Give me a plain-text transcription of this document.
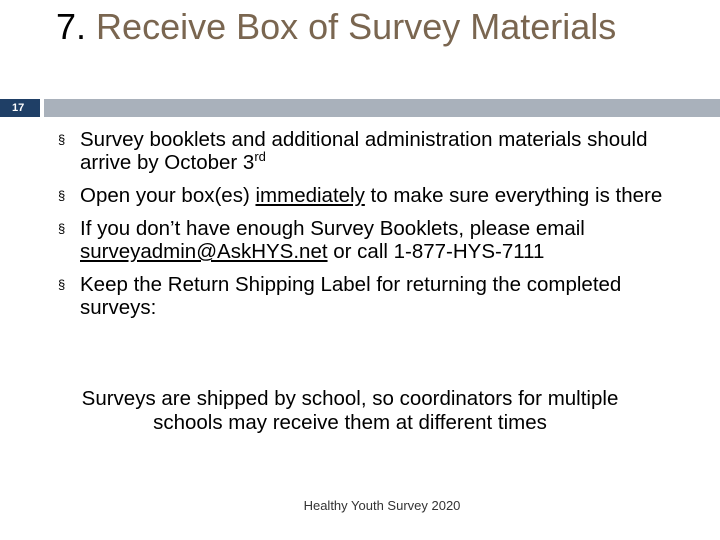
7. Receive Box of Survey Materials
17
§ Survey booklets and additional administration materials should arrive by October 3rd
§ Open your box(es) immediately to make sure everything is there
§ If you don’t have enough Survey Booklets, please email surveyadmin@AskHYS.net or call 1-877-HYS-7111
§ Keep the Return Shipping Label for returning the completed surveys:
Surveys are shipped by school, so coordinators for multiple schools may receive them at different times
Healthy Youth Survey 2020
